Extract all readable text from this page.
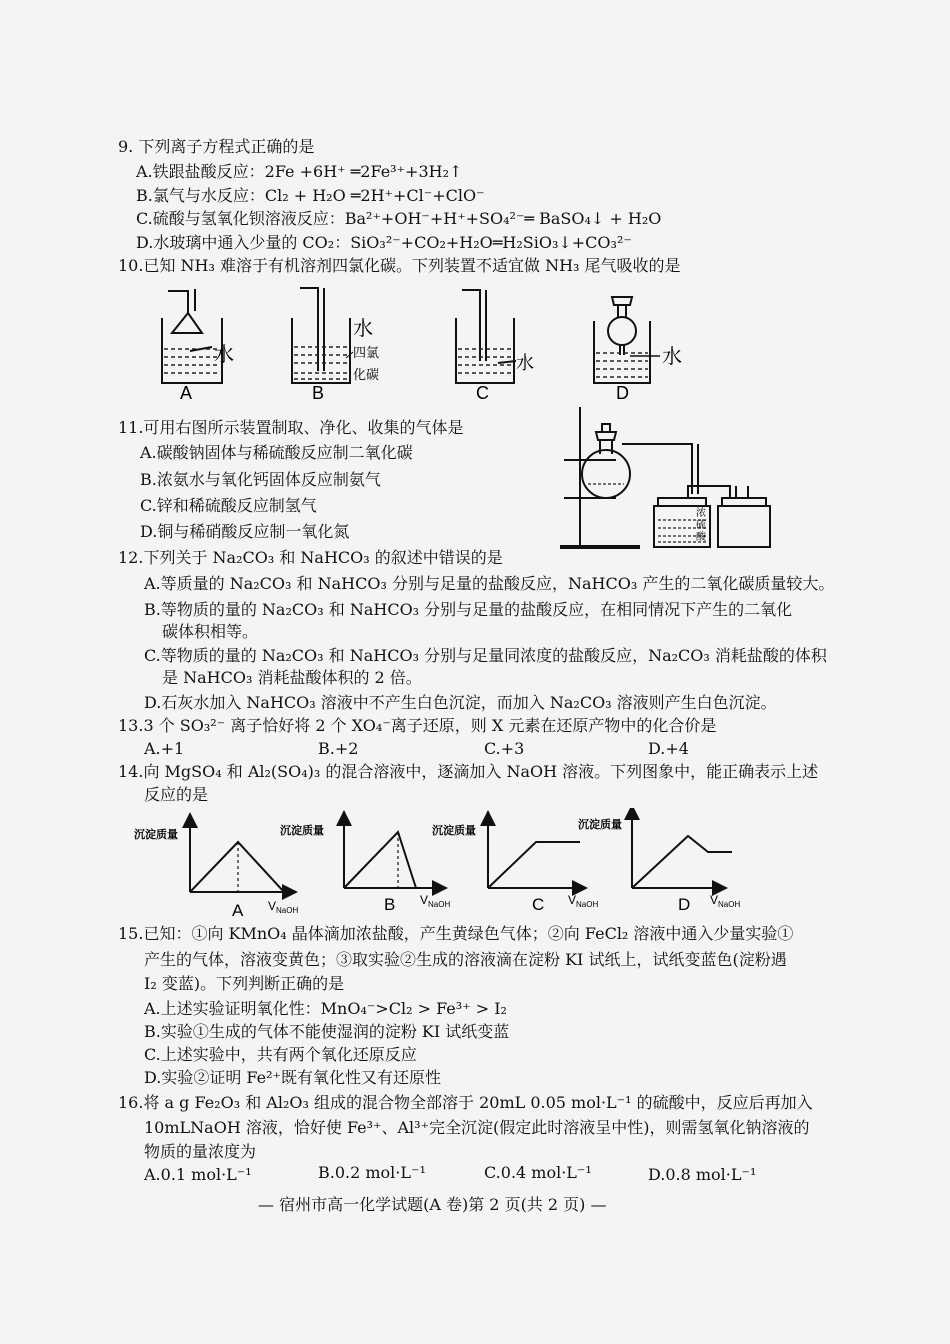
9. 下列离子方程式正确的是
A.铁跟盐酸反应：2Fe +6H⁺ ═2Fe³⁺+3H₂↑
B.氯气与水反应：Cl₂ + H₂O ═2H⁺+Cl⁻+ClO⁻
C.硫酸与氢氧化钡溶液反应：Ba²⁺+OH⁻+H⁺+SO₄²⁻═ BaSO₄↓ + H₂O
D.水玻璃中通入少量的 CO₂：SiO₃²⁻+CO₂+H₂O═H₂SiO₃↓+CO₃²⁻
10.已知 NH₃ 难溶于有机溶剂四氯化碳。下列装置不适宜做 NH₃ 尾气吸收的是
11.可用右图所示装置制取、净化、收集的气体是
A.碳酸钠固体与稀硫酸反应制二氧化碳
B.浓氨水与氧化钙固体反应制氨气
C.锌和稀硫酸反应制氢气
D.铜与稀硝酸反应制一氧化氮
12.下列关于 Na₂CO₃ 和 NaHCO₃ 的叙述中错误的是
A.等质量的 Na₂CO₃ 和 NaHCO₃ 分别与足量的盐酸反应，NaHCO₃ 产生的二氧化碳质量较大。
B.等物质的量的 Na₂CO₃ 和 NaHCO₃ 分别与足量的盐酸反应，在相同情况下产生的二氧化
碳体积相等。
C.等物质的量的 Na₂CO₃ 和 NaHCO₃ 分别与足量同浓度的盐酸反应，Na₂CO₃ 消耗盐酸的体积
是 NaHCO₃ 消耗盐酸体积的 2 倍。
D.石灰水加入 NaHCO₃ 溶液中不产生白色沉淀，而加入 Na₂CO₃ 溶液则产生白色沉淀。
13.3 个 SO₃²⁻ 离子恰好将 2 个 XO₄⁻离子还原，则 X 元素在还原产物中的化合价是
14.向 MgSO₄ 和 Al₂(SO₄)₃ 的混合溶液中，逐滴加入 NaOH 溶液。下列图象中，能正确表示上述
反应的是
15.已知：①向 KMnO₄ 晶体滴加浓盐酸，产生黄绿色气体；②向 FeCl₂ 溶液中通入少量实验①
产生的气体，溶液变黄色；③取实验②生成的溶液滴在淀粉 KI 试纸上，试纸变蓝色(淀粉遇
I₂ 变蓝)。下列判断正确的是
A.上述实验证明氧化性：MnO₄⁻>Cl₂ > Fe³⁺ > I₂
B.实验①生成的气体不能使湿润的淀粉 KI 试纸变蓝
C.上述实验中，共有两个氧化还原反应
D.实验②证明 Fe²⁺既有氧化性又有还原性
16.将 a g Fe₂O₃ 和 Al₂O₃ 组成的混合物全部溶于 20mL 0.05 mol·L⁻¹ 的硫酸中，反应后再加入
10mLNaOH 溶液，恰好使 Fe³⁺、Al³⁺完全沉淀(假定此时溶液呈中性)，则需氢氧化钠溶液的
物质的量浓度为
— 宿州市高一化学试题(A 卷)第 2 页(共 2 页) —
A.+1	B.+2	C.+3	D.+4
A.0.1 mol·L⁻¹	B.0.2 mol·L⁻¹	C.0.4 mol·L⁻¹	D.0.8 mol·L⁻¹
水
水
四氯
化碳
水	水
A	B	C	D
浓
硫
酸
沉淀质量	沉淀质量	沉淀质量	沉淀质量
$V_{NaOH}$
$V_{NaOH}$	$V_{NaOH}$	$V_{NaOH}$
A	B	C	D
